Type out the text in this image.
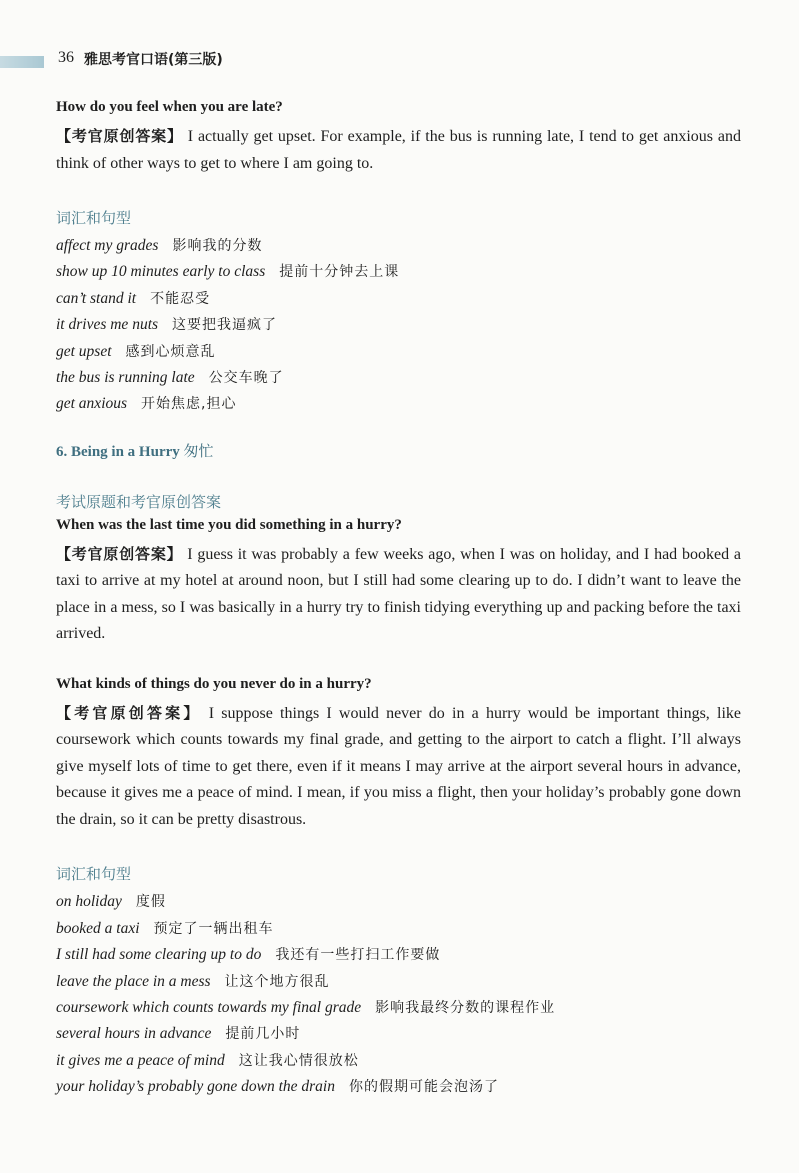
36 雅思考官口语(第三版)

How do you feel when you are late?

【考官原创答案】 I actually get upset. For example, if the bus is running late, I tend to get anxious and think of other ways to get to where I am going to.

词汇和句型

affect my grades 影响我的分数
show up 10 minutes early to class 提前十分钟去上课
can’t stand it 不能忍受
it drives me nuts 这要把我逼疯了
get upset 感到心烦意乱
the bus is running late 公交车晚了
get anxious 开始焦虑,担心

6. Being in a Hurry 匆忙

考试原题和考官原创答案

When was the last time you did something in a hurry?

【考官原创答案】 I guess it was probably a few weeks ago, when I was on holiday, and I had booked a taxi to arrive at my hotel at around noon, but I still had some clearing up to do. I didn’t want to leave the place in a mess, so I was basically in a hurry try to finish tidying everything up and packing before the taxi arrived.

What kinds of things do you never do in a hurry?

【考官原创答案】 I suppose things I would never do in a hurry would be important things, like coursework which counts towards my final grade, and getting to the airport to catch a flight. I’ll always give myself lots of time to get there, even if it means I may arrive at the airport several hours in advance, because it gives me a peace of mind. I mean, if you miss a flight, then your holiday’s probably gone down the drain, so it can be pretty disastrous.

词汇和句型

on holiday 度假
booked a taxi 预定了一辆出租车
I still had some clearing up to do 我还有一些打扫工作要做
leave the place in a mess 让这个地方很乱
coursework which counts towards my final grade 影响我最终分数的课程作业
several hours in advance 提前几小时
it gives me a peace of mind 这让我心情很放松
your holiday’s probably gone down the drain 你的假期可能会泡汤了
